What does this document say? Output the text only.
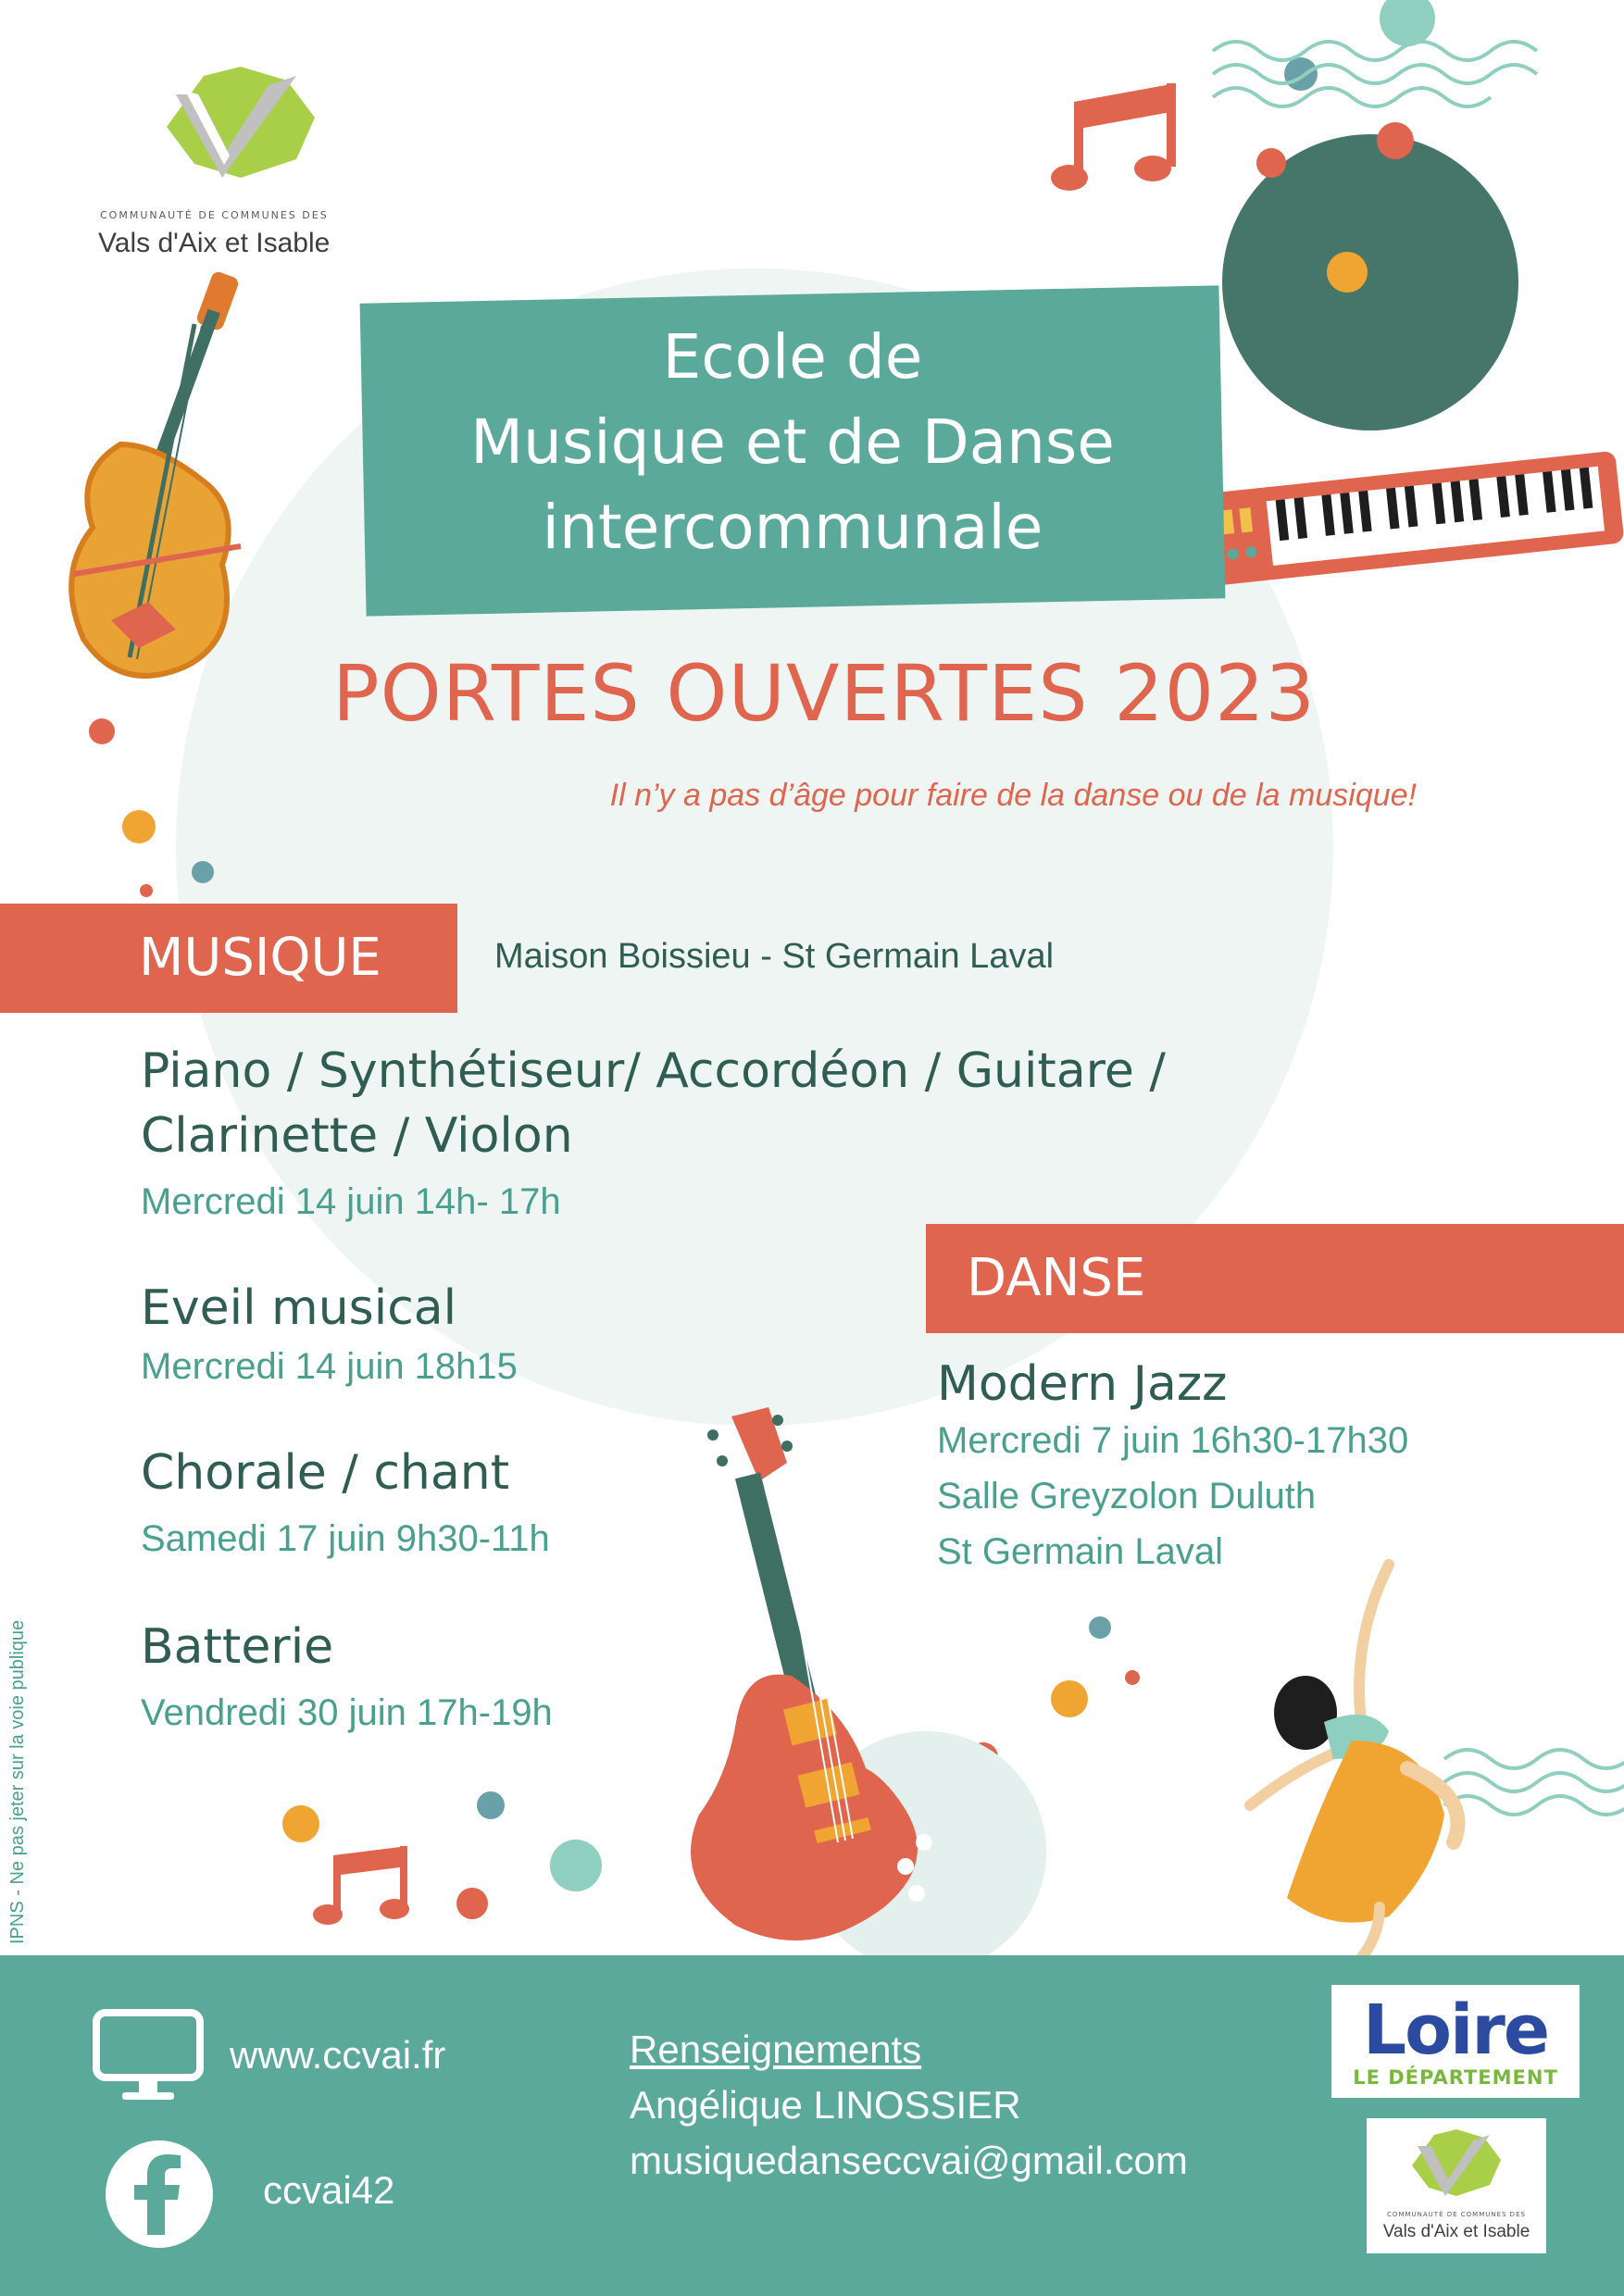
COMMUNAUTÉ DE COMMUNES DES
Vals d'Aix et Isable
Ecole de
Musique et de Danse
intercommunale
PORTES OUVERTES 2023
Il n’y a pas d’âge pour faire de la danse ou de la musique!
MUSIQUE	Maison Boissieu - St Germain Laval
Piano / Synthétiseur/ Accordéon / Guitare /
Clarinette / Violon
Mercredi 14 juin 14h- 17h
Eveil musical
Mercredi 14 juin 18h15
Chorale / chant
Samedi 17 juin 9h30-11h
Batterie
Vendredi 30 juin 17h-19h
DANSE
Modern Jazz
Mercredi 7 juin 16h30-17h30
Salle Greyzolon Duluth
St Germain Laval
IPNS - Ne pas jeter sur la voie publique
www.ccvai.fr
ccvai42
Renseignements
Angélique LINOSSIER
musiquedanseccvai@gmail.com
Loire
LE DÉPARTEMENT
COMMUNAUTÉ DE COMMUNES DES
Vals d'Aix et Isable
